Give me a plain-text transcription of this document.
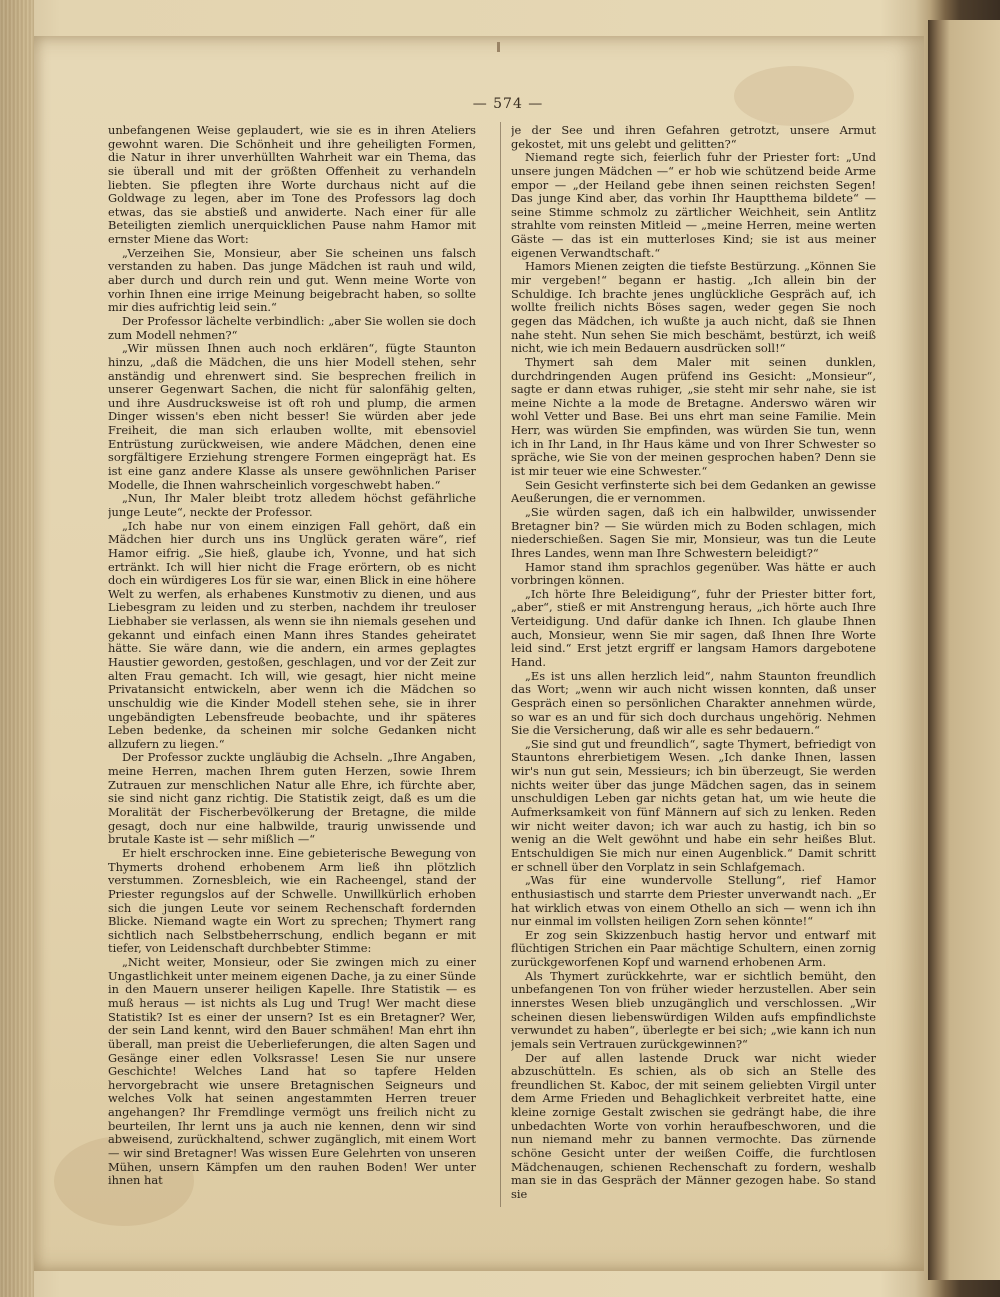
— 574 —

unbefangenen Weise geplaudert, wie sie es in ihren Ateliers gewohnt waren. Die Schönheit und ihre geheiligten Formen, die Natur in ihrer unverhüllten Wahrheit war ein Thema, das sie überall und mit der größten Offenheit zu verhandeln liebten. Sie pflegten ihre Worte durchaus nicht auf die Goldwage zu legen, aber im Tone des Professors lag doch etwas, das sie abstieß und anwiderte. Nach einer für alle Beteiligten ziemlich unerquicklichen Pause nahm Hamor mit ernster Miene das Wort:

„Verzeihen Sie, Monsieur, aber Sie scheinen uns falsch verstanden zu haben. Das junge Mädchen ist rauh und wild, aber durch und durch rein und gut. Wenn meine Worte von vorhin Ihnen eine irrige Meinung beigebracht haben, so sollte mir dies aufrichtig leid sein.“

Der Professor lächelte verbindlich: „aber Sie wollen sie doch zum Modell nehmen?“

„Wir müssen Ihnen auch noch erklären“, fügte Staunton hinzu, „daß die Mädchen, die uns hier Modell stehen, sehr anständig und ehrenwert sind. Sie besprechen freilich in unserer Gegenwart Sachen, die nicht für salonfähig gelten, und ihre Ausdrucksweise ist oft roh und plump, die armen Dinger wissen's eben nicht besser! Sie würden aber jede Freiheit, die man sich erlauben wollte, mit ebensoviel Entrüstung zurückweisen, wie andere Mädchen, denen eine sorgfältigere Erziehung strengere Formen eingeprägt hat. Es ist eine ganz andere Klasse als unsere gewöhnlichen Pariser Modelle, die Ihnen wahrscheinlich vorgeschwebt haben.“

„Nun, Ihr Maler bleibt trotz alledem höchst gefährliche junge Leute“, neckte der Professor.

„Ich habe nur von einem einzigen Fall gehört, daß ein Mädchen hier durch uns ins Unglück geraten wäre“, rief Hamor eifrig. „Sie hieß, glaube ich, Yvonne, und hat sich ertränkt. Ich will hier nicht die Frage erörtern, ob es nicht doch ein würdigeres Los für sie war, einen Blick in eine höhere Welt zu werfen, als erhabenes Kunstmotiv zu dienen, und aus Liebesgram zu leiden und zu sterben, nachdem ihr treuloser Liebhaber sie verlassen, als wenn sie ihn niemals gesehen und gekannt und einfach einen Mann ihres Standes geheiratet hätte. Sie wäre dann, wie die andern, ein armes geplagtes Haustier geworden, gestoßen, geschlagen, und vor der Zeit zur alten Frau gemacht. Ich will, wie gesagt, hier nicht meine Privatansicht entwickeln, aber wenn ich die Mädchen so unschuldig wie die Kinder Modell stehen sehe, sie in ihrer ungebändigten Lebensfreude beobachte, und ihr späteres Leben bedenke, da scheinen mir solche Gedanken nicht allzufern zu liegen.“

Der Professor zuckte ungläubig die Achseln. „Ihre Angaben, meine Herren, machen Ihrem guten Herzen, sowie Ihrem Zutrauen zur menschlichen Natur alle Ehre, ich fürchte aber, sie sind nicht ganz richtig. Die Statistik zeigt, daß es um die Moralität der Fischerbevölkerung der Bretagne, die milde gesagt, doch nur eine halbwilde, traurig unwissende und brutale Kaste ist — sehr mißlich —“

Er hielt erschrocken inne. Eine gebieterische Bewegung von Thymerts drohend erhobenem Arm ließ ihn plötzlich verstummen. Zornesbleich, wie ein Racheengel, stand der Priester regungslos auf der Schwelle. Unwillkürlich erhoben sich die jungen Leute vor seinem Rechenschaft fordernden Blicke. Niemand wagte ein Wort zu sprechen; Thymert rang sichtlich nach Selbstbeherrschung, endlich begann er mit tiefer, von Leidenschaft durchbebter Stimme:

„Nicht weiter, Monsieur, oder Sie zwingen mich zu einer Ungastlichkeit unter meinem eigenen Dache, ja zu einer Sünde in den Mauern unserer heiligen Kapelle. Ihre Statistik — es muß heraus — ist nichts als Lug und Trug! Wer macht diese Statistik? Ist es einer der unsern? Ist es ein Bretagner? Wer, der sein Land kennt, wird den Bauer schmähen! Man ehrt ihn überall, man preist die Ueberlieferungen, die alten Sagen und Gesänge einer edlen Volksrasse! Lesen Sie nur unsere Geschichte! Welches Land hat so tapfere Helden hervorgebracht wie unsere Bretagnischen Seigneurs und welches Volk hat seinen angestammten Herren treuer angehangen? Ihr Fremdlinge vermögt uns freilich nicht zu beurteilen, Ihr lernt uns ja auch nie kennen, denn wir sind abweisend, zurückhaltend, schwer zugänglich, mit einem Wort — wir sind Bretagner! Was wissen Eure Gelehrten von unseren Mühen, unsern Kämpfen um den rauhen Boden! Wer unter ihnen hat

je der See und ihren Gefahren getrotzt, unsere Armut gekostet, mit uns gelebt und gelitten?“

Niemand regte sich, feierlich fuhr der Priester fort: „Und unsere jungen Mädchen —“ er hob wie schützend beide Arme empor — „der Heiland gebe ihnen seinen reichsten Segen! Das junge Kind aber, das vorhin Ihr Hauptthema bildete“ — seine Stimme schmolz zu zärtlicher Weichheit, sein Antlitz strahlte vom reinsten Mitleid — „meine Herren, meine werten Gäste — das ist ein mutterloses Kind; sie ist aus meiner eigenen Verwandtschaft.“

Hamors Mienen zeigten die tiefste Bestürzung. „Können Sie mir vergeben!“ begann er hastig. „Ich allein bin der Schuldige. Ich brachte jenes unglückliche Gespräch auf, ich wollte freilich nichts Böses sagen, weder gegen Sie noch gegen das Mädchen, ich wußte ja auch nicht, daß sie Ihnen nahe steht. Nun sehen Sie mich beschämt, bestürzt, ich weiß nicht, wie ich mein Bedauern ausdrücken soll!“

Thymert sah dem Maler mit seinen dunklen, durchdringenden Augen prüfend ins Gesicht: „Monsieur“, sagte er dann etwas ruhiger, „sie steht mir sehr nahe, sie ist meine Nichte a la mode de Bretagne. Anderswo wären wir wohl Vetter und Base. Bei uns ehrt man seine Familie. Mein Herr, was würden Sie empfinden, was würden Sie tun, wenn ich in Ihr Land, in Ihr Haus käme und von Ihrer Schwester so spräche, wie Sie von der meinen gesprochen haben? Denn sie ist mir teuer wie eine Schwester.“

Sein Gesicht verfinsterte sich bei dem Gedanken an gewisse Aeußerungen, die er vernommen.

„Sie würden sagen, daß ich ein halbwilder, unwissender Bretagner bin? — Sie würden mich zu Boden schlagen, mich niederschießen. Sagen Sie mir, Monsieur, was tun die Leute Ihres Landes, wenn man Ihre Schwestern beleidigt?“

Hamor stand ihm sprachlos gegenüber. Was hätte er auch vorbringen können.

„Ich hörte Ihre Beleidigung“, fuhr der Priester bitter fort, „aber“, stieß er mit Anstrengung heraus, „ich hörte auch Ihre Verteidigung. Und dafür danke ich Ihnen. Ich glaube Ihnen auch, Monsieur, wenn Sie mir sagen, daß Ihnen Ihre Worte leid sind.“ Erst jetzt ergriff er langsam Hamors dargebotene Hand.

„Es ist uns allen herzlich leid“, nahm Staunton freundlich das Wort; „wenn wir auch nicht wissen konnten, daß unser Gespräch einen so persönlichen Charakter annehmen würde, so war es an und für sich doch durchaus ungehörig. Nehmen Sie die Versicherung, daß wir alle es sehr bedauern.“

„Sie sind gut und freundlich“, sagte Thymert, befriedigt von Stauntons ehrerbietigem Wesen. „Ich danke Ihnen, lassen wir's nun gut sein, Messieurs; ich bin überzeugt, Sie werden nichts weiter über das junge Mädchen sagen, das in seinem unschuldigen Leben gar nichts getan hat, um wie heute die Aufmerksamkeit von fünf Männern auf sich zu lenken. Reden wir nicht weiter davon; ich war auch zu hastig, ich bin so wenig an die Welt gewöhnt und habe ein sehr heißes Blut. Entschuldigen Sie mich nur einen Augenblick.“ Damit schritt er schnell über den Vorplatz in sein Schlafgemach.

„Was für eine wundervolle Stellung“, rief Hamor enthusiastisch und starrte dem Priester unverwandt nach. „Er hat wirklich etwas von einem Othello an sich — wenn ich ihn nur einmal im vollsten heiligen Zorn sehen könnte!“

Er zog sein Skizzenbuch hastig hervor und entwarf mit flüchtigen Strichen ein Paar mächtige Schultern, einen zornig zurückgeworfenen Kopf und warnend erhobenen Arm.

Als Thymert zurückkehrte, war er sichtlich bemüht, den unbefangenen Ton von früher wieder herzustellen. Aber sein innerstes Wesen blieb unzugänglich und verschlossen. „Wir scheinen diesen liebenswürdigen Wilden aufs empfindlichste verwundet zu haben“, überlegte er bei sich; „wie kann ich nun jemals sein Vertrauen zurückgewinnen?“

Der auf allen lastende Druck war nicht wieder abzuschütteln. Es schien, als ob sich an Stelle des freundlichen St. Kaboc, der mit seinem geliebten Virgil unter dem Arme Frieden und Behaglichkeit verbreitet hatte, eine kleine zornige Gestalt zwischen sie gedrängt habe, die ihre unbedachten Worte von vorhin heraufbeschworen, und die nun niemand mehr zu bannen vermochte. Das zürnende schöne Gesicht unter der weißen Coiffe, die furchtlosen Mädchenaugen, schienen Rechenschaft zu fordern, weshalb man sie in das Gespräch der Männer gezogen habe. So stand sie
